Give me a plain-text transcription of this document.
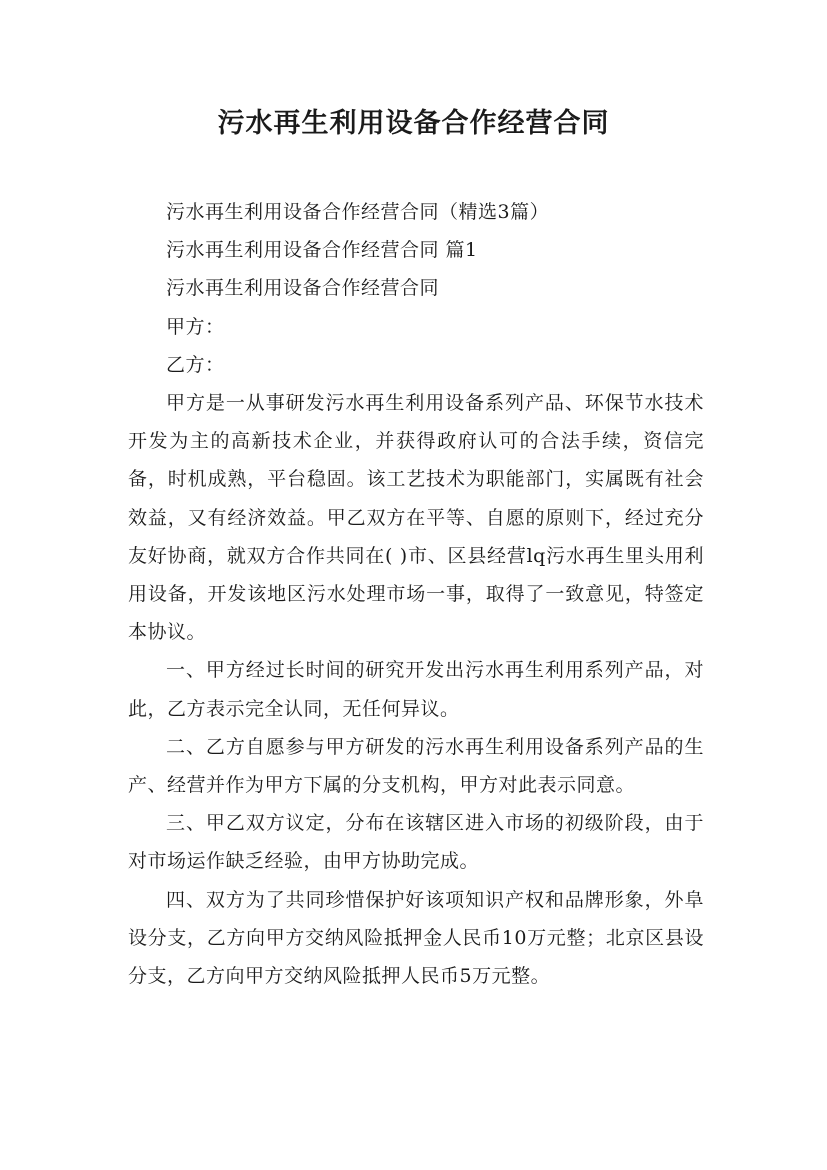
污水再生利用设备合作经营合同

污水再生利用设备合作经营合同（精选3篇）

污水再生利用设备合作经营合同 篇1

污水再生利用设备合作经营合同

甲方：

乙方：

甲方是一从事研发污水再生利用设备系列产品、环保节水技术开发为主的高新技术企业，并获得政府认可的合法手续，资信完备，时机成熟，平台稳固。该工艺技术为职能部门，实属既有社会效益，又有经济效益。甲乙双方在平等、自愿的原则下，经过充分友好协商，就双方合作共同在( )市、区县经营lq污水再生里头用利用设备，开发该地区污水处理市场一事，取得了一致意见，特签定本协议。

一、甲方经过长时间的研究开发出污水再生利用系列产品，对此，乙方表示完全认同，无任何异议。

二、乙方自愿参与甲方研发的污水再生利用设备系列产品的生产、经营并作为甲方下属的分支机构，甲方对此表示同意。

三、甲乙双方议定，分布在该辖区进入市场的初级阶段，由于对市场运作缺乏经验，由甲方协助完成。

四、双方为了共同珍惜保护好该项知识产权和品牌形象，外阜设分支，乙方向甲方交纳风险抵押金人民币10万元整；北京区县设分支，乙方向甲方交纳风险抵押人民币5万元整。
